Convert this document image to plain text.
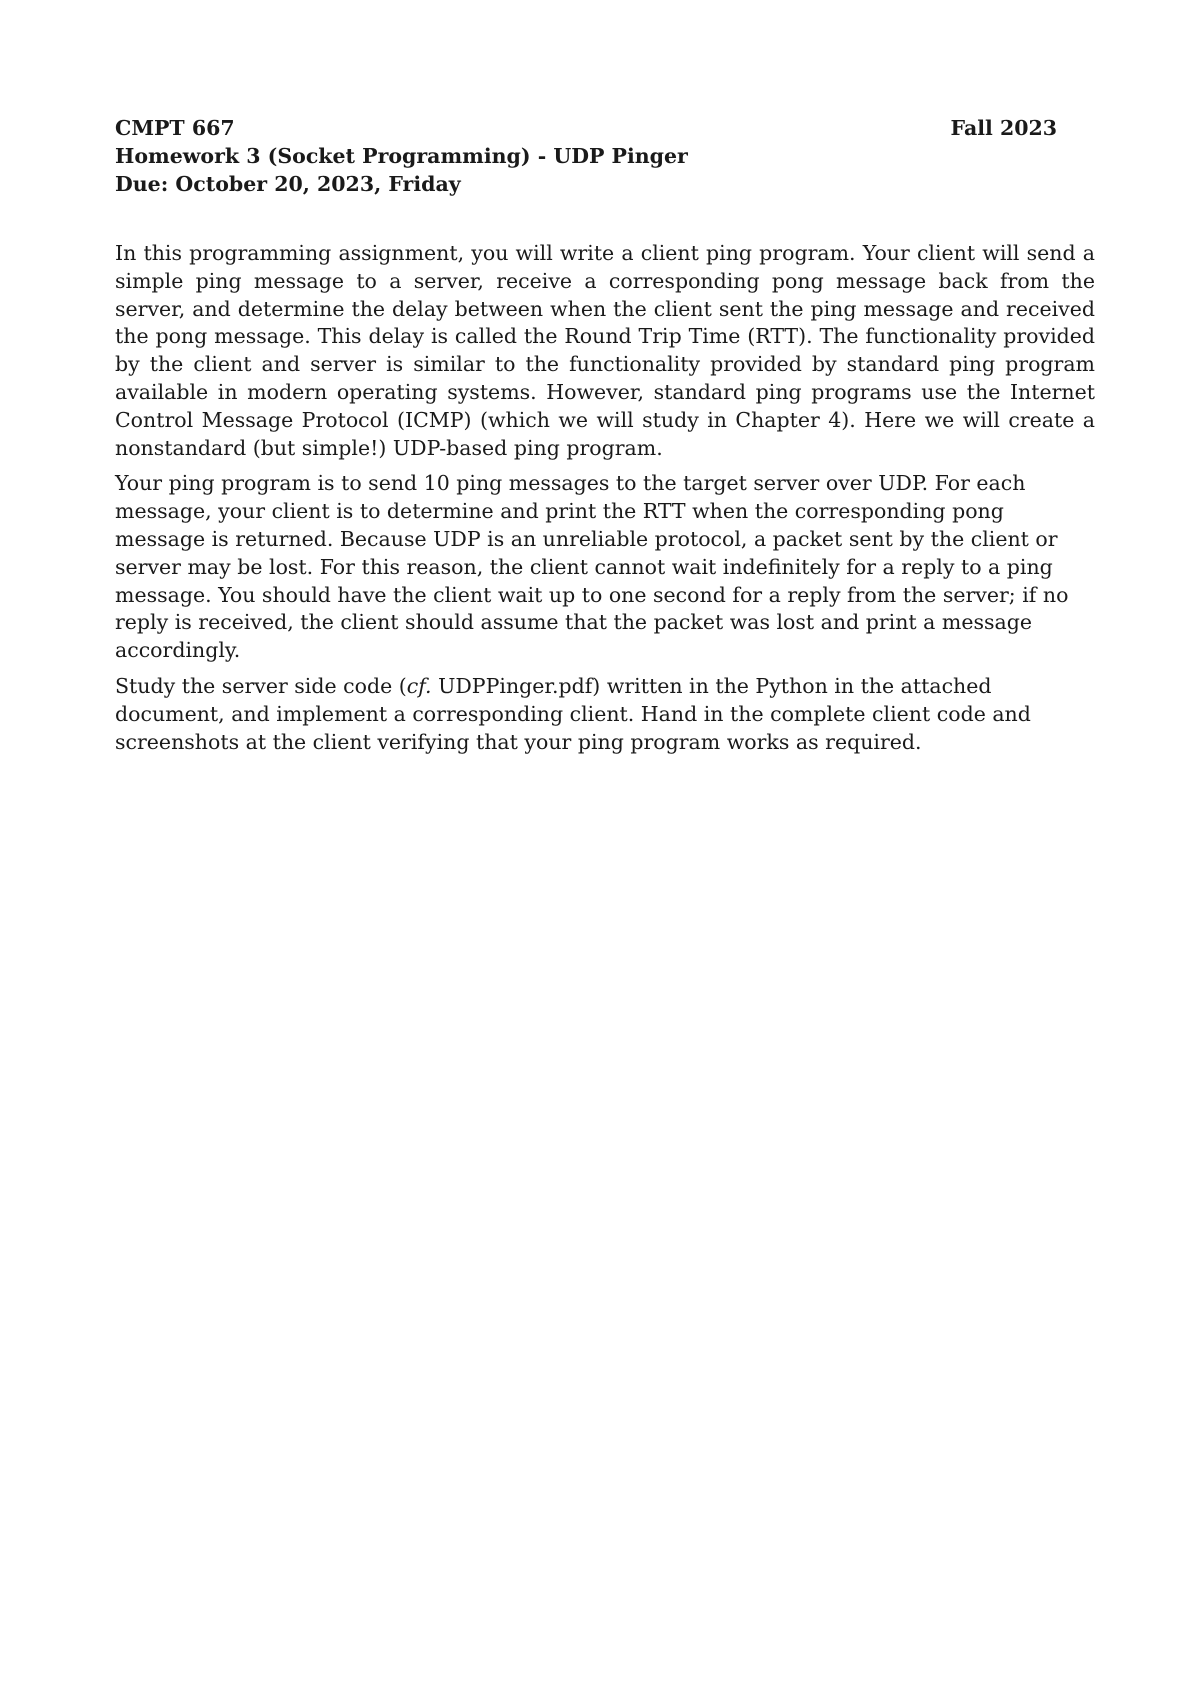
CMPT 667	Fall 2023
Homework 3 (Socket Programming) - UDP Pinger
Due: October 20, 2023, Friday

In this programming assignment, you will write a client ping program. Your client will send a simple ping message to a server, receive a corresponding pong message back from the server, and determine the delay between when the client sent the ping message and received the pong message. This delay is called the Round Trip Time (RTT). The functionality provided by the client and server is similar to the functionality provided by standard ping program available in modern operating systems. However, standard ping programs use the Internet Control Message Protocol (ICMP) (which we will study in Chapter 4). Here we will create a nonstandard (but simple!) UDP-based ping program.

Your ping program is to send 10 ping messages to the target server over UDP. For each message, your client is to determine and print the RTT when the corresponding pong message is returned. Because UDP is an unreliable protocol, a packet sent by the client or server may be lost. For this reason, the client cannot wait indefinitely for a reply to a ping message. You should have the client wait up to one second for a reply from the server; if no reply is received, the client should assume that the packet was lost and print a message accordingly.

Study the server side code (cf. UDPPinger.pdf) written in the Python in the attached document, and implement a corresponding client. Hand in the complete client code and screenshots at the client verifying that your ping program works as required.
